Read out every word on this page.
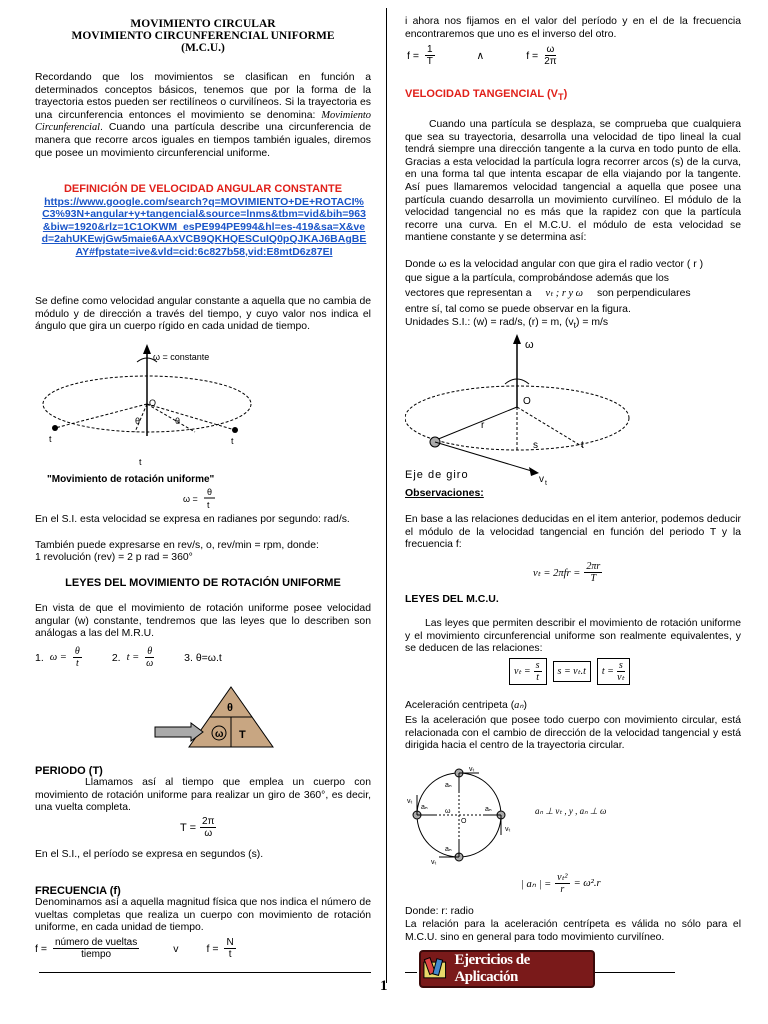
MOVIMIENTO CIRCULAR
MOVIMIENTO CIRCUNFERENCIAL UNIFORME
(M.C.U.)

Recordando que los movimientos se clasifican en función a determinados conceptos básicos, tenemos que por la forma de la trayectoria estos pueden ser rectilíneos o curvilíneos. Si la trayectoria es una circunferencia entonces el movimiento se denomina: Movimiento Circunferencial. Cuando una partícula describe una circunferencia de manera que recorre arcos iguales en tiempos también iguales, diremos que posee un movimiento circunferencial uniforme.

DEFINICIÓN DE VELOCIDAD ANGULAR CONSTANTE
https://www.google.com/search?q=MOVIMIENTO+DE+ROTACI%C3%93N+angular+y+tangencial&source=lnms&tbm=vid&bih=963&biw=1920&rlz=1C1OKWM_esPE994PE994&hl=es-419&sa=X&ved=2ahUKEwjGw5maie6AAxVCB9QKHQESCuIQ0pQJKAJ6BAgBEAY#fpstate=ive&vld=cid:6c827b58,vid:E8mtD6z87EI

Se define como velocidad angular constante a aquella que no cambia de módulo y de dirección a través del tiempo, y cuyo valor nos indica el ángulo que gira un cuerpo rígido en cada unidad de tiempo.

ω = constante
O
t	t
t
θ	θ
"Movimiento de rotación uniforme"
ω =
θ
t

En el S.I. esta velocidad se expresa en radianes por segundo: rad/s.

También puede expresarse en rev/s, o, rev/min = rpm, donde:

1 revolución (rev) = 2 p rad = 360°

LEYES DEL MOVIMIENTO DE ROTACIÓN UNIFORME

En vista de que el movimiento de rotación uniforme posee velocidad angular (w) constante, tendremos que las leyes que lo describen son análogas a las del M.R.U.

1. $\omega = \frac{\theta}{t}$	2. $t = \frac{\theta}{\omega}$	3. θ=ω.t
θ
ω T
PERIODO (T)

Llamamos así al tiempo que emplea un cuerpo con movimiento de rotación uniforme para realizar un giro de 360°, es decir, una vuelta completa.

$T = \frac{2\pi}{\omega}$

En el S.I., el período se expresa en segundos (s).

FRECUENCIA (f)

Denominamos así a aquella magnitud física que nos indica el número de vueltas completas que realiza un cuerpo con movimiento de rotación uniforme, en cada unidad de tiempo.

$f = \frac{\text{número de vueltas}}{\text{tiempo}}$	v	$f = \frac{N}{t}$

i ahora nos fijamos en el valor del período y en el de la frecuencia encontraremos que uno es el inverso del otro.

$f = \frac{1}{T}$	∧	$f = \frac{\omega}{2\pi}$
VELOCIDAD TANGENCIAL $(V_T)$

Cuando una partícula se desplaza, se comprueba que cualquiera que sea su trayectoria, desarrolla una velocidad de tipo lineal la cual tendrá siempre una dirección tangente a la curva en todo punto de ella. Gracias a esta velocidad la partícula logra recorrer arcos (s) de la curva, en una forma tal que intenta escapar de ella viajando por la tangente. Así pues llamaremos velocidad tangencial a aquella que posee una partícula cuando desarrolla un movimiento curvilíneo. El módulo de la velocidad tangencial no es más que la rapidez con que la partícula recorre una curva. En el M.C.U. el módulo de esta velocidad se mantiene constante y se determina así:

Donde ω es la velocidad angular con que gira el radio vector ( r )

que sigue a la partícula, comprobándose además que los

vectores que representan a vₜ ; r y ω son perpendiculares

entre sí, tal como se puede observar en la figura.

Unidades S.I.: (w) = rad/s, (r) = m, $(v_t) = m/s$
ω
O
r
s	t
Eje de giro	v t
Observaciones:

En base a las relaciones deducidas en el item anterior, podemos deducir el módulo de la velocidad tangencial en función del periodo T y la frecuencia f:

$v_t = 2\pi fr = \frac{2\pi r}{T}$
LEYES DEL M.C.U.

Las leyes que permiten describir el movimiento de rotación uniforme y el movimiento circunferencial uniforme son realmente equivalentes, y se deducen de las relaciones:

$v_t = \frac{s}{t}$	s = vₜ.t	$t = \frac{s}{\text{vₜ}}$
Aceleración centripeta (aₙ)

Es la aceleración que posee todo cuerpo con movimiento circular, está relacionada con el cambio de dirección de la velocidad tangencial y está dirigida hacia el centro de la trayectoria circular.

vₜ
aₙ
vₜ
aₙ
vₜ
aₙ
vₜ
aₙ
O
ω	aₙ ⊥ vₜ , y , aₙ ⊥ ω
| aₙ | = $\frac{\text{vₜ²}}{r} = \omega^2.r$

Donde: r: radio

La relación para la aceleración centrípeta es válida no sólo para el M.C.U. sino en general para todo movimiento curvilíneo.

Ejercicios de Aplicación
1
